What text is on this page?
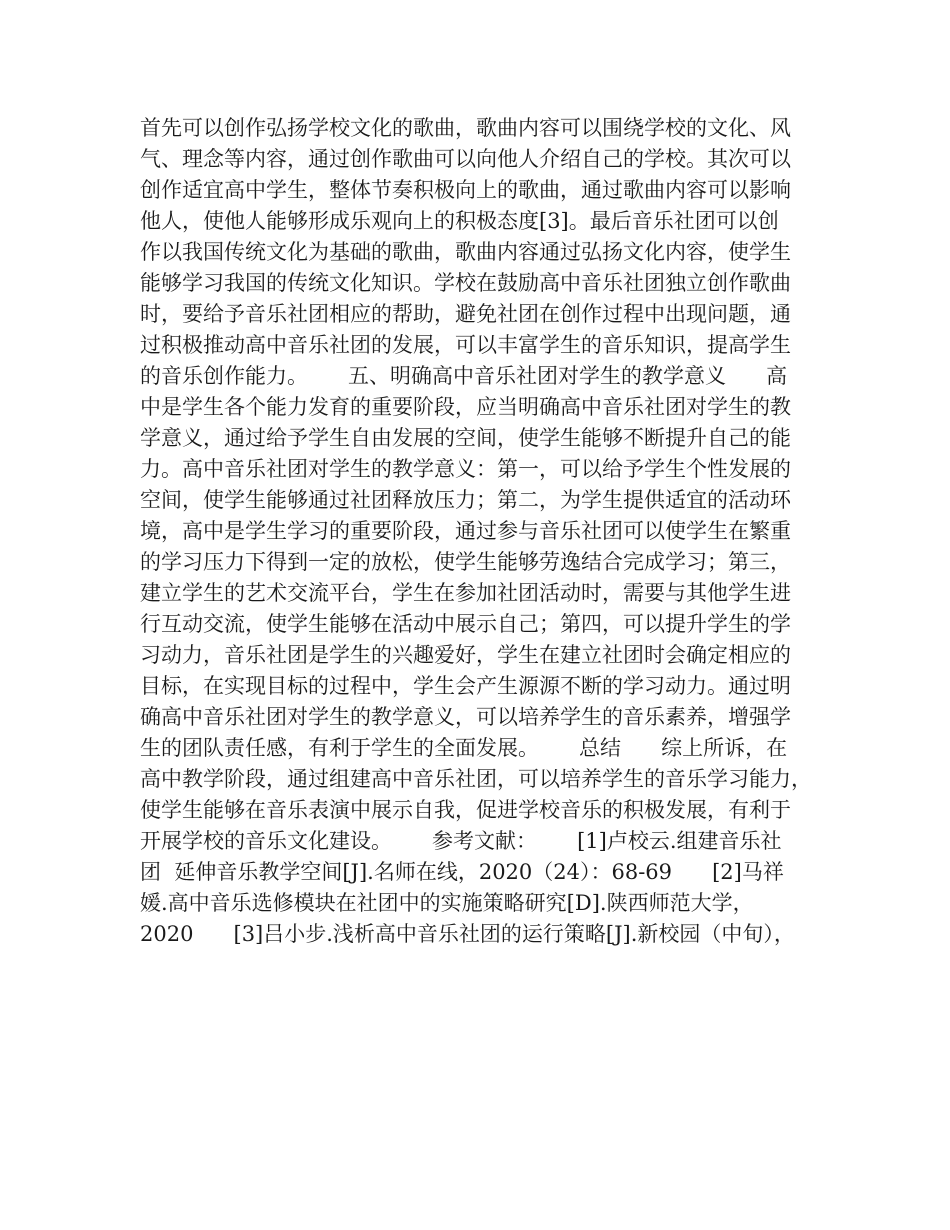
首先可以创作弘扬学校文化的歌曲，歌曲内容可以围绕学校的文化、风
气、理念等内容，通过创作歌曲可以向他人介绍自己的学校。其次可以
创作适宜高中学生，整体节奏积极向上的歌曲，通过歌曲内容可以影响
他人，使他人能够形成乐观向上的积极态度[3]。最后音乐社团可以创
作以我国传统文化为基础的歌曲，歌曲内容通过弘扬文化内容，使学生
能够学习我国的传统文化知识。学校在鼓励高中音乐社团独立创作歌曲
时，要给予音乐社团相应的帮助，避免社团在创作过程中出现问题，通
过积极推动高中音乐社团的发展，可以丰富学生的音乐知识，提高学生
的音乐创作能力。      五、明确高中音乐社团对学生的教学意义      高
中是学生各个能力发育的重要阶段，应当明确高中音乐社团对学生的教
学意义，通过给予学生自由发展的空间，使学生能够不断提升自己的能
力。高中音乐社团对学生的教学意义：第一，可以给予学生个性发展的
空间，使学生能够通过社团释放压力；第二，为学生提供适宜的活动环
境，高中是学生学习的重要阶段，通过参与音乐社团可以使学生在繁重
的学习压力下得到一定的放松，使学生能够劳逸结合完成学习；第三，
建立学生的艺术交流平台，学生在参加社团活动时，需要与其他学生进
行互动交流，使学生能够在活动中展示自己；第四，可以提升学生的学
习动力，音乐社团是学生的兴趣爱好，学生在建立社团时会确定相应的
目标，在实现目标的过程中，学生会产生源源不断的学习动力。通过明
确高中音乐社团对学生的教学意义，可以培养学生的音乐素养，增强学
生的团队责任感，有利于学生的全面发展。      总结      综上所诉，在
高中教学阶段，通过组建高中音乐社团，可以培养学生的音乐学习能力，
使学生能够在音乐表演中展示自我，促进学校音乐的积极发展，有利于
开展学校的音乐文化建设。      参考文献：      [1]卢校云.组建音乐社
团  延伸音乐教学空间[J].名师在线，2020（24）：68-69      [2]马祥
媛.高中音乐选修模块在社团中的实施策略研究[D].陕西师范大学，
2020      [3]吕小步.浅析高中音乐社团的运行策略[J].新校园（中旬），
